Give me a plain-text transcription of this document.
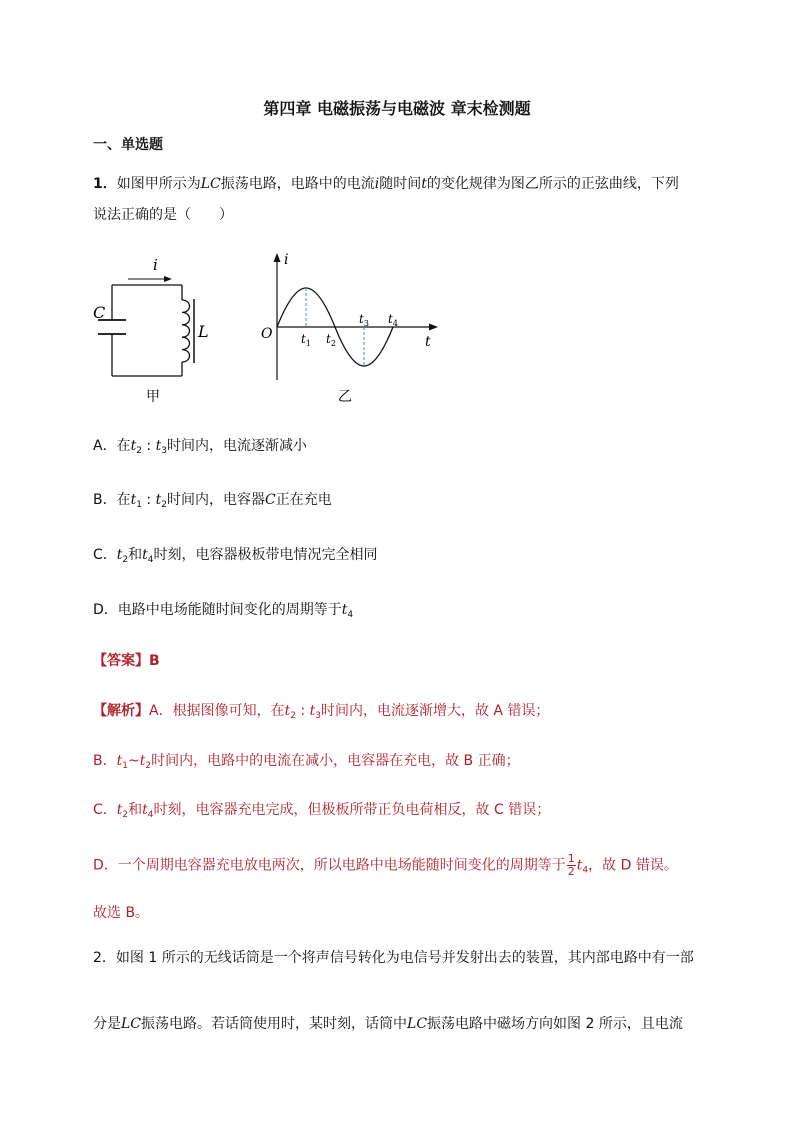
第四章 电磁振荡与电磁波 章末检测题
一、单选题
1．如图甲所示为LC振荡电路，电路中的电流i随时间t的变化规律为图乙所示的正弦曲线，下列
说法正确的是（　　）
i
C
L
甲
i
t
O $t_1$ $t_2$
$t_3$ $t_4$
乙
A．在$t_2$ : $t_3$时间内，电流逐渐减小
B．在$t_1$ : $t_2$时间内，电容器C正在充电
C．$t_2$和$t_4$时刻，电容器极板带电情况完全相同
D．电路中电场能随时间变化的周期等于$t_4$
【答案】B
【解析】A．根据图像可知，在$t_2$ : $t_3$时间内，电流逐渐增大，故 A 错误；
B．$t_1\sim t_2$时间内，电路中的电流在减小，电容器在充电，故 B 正确；
C．$t_2$和$t_4$时刻，电容器充电完成，但极板所带正负电荷相反，故 C 错误；
D．一个周期电容器充电放电两次，所以电路中电场能随时间变化的周期等于 $\frac{1}{2} t_4$，故 D 错误。
故选 B。
2．如图 1 所示的无线话筒是一个将声信号转化为电信号并发射出去的装置，其内部电路中有一部
分是LC振荡电路。若话筒使用时，某时刻，话筒中LC振荡电路中磁场方向如图 2 所示，且电流
